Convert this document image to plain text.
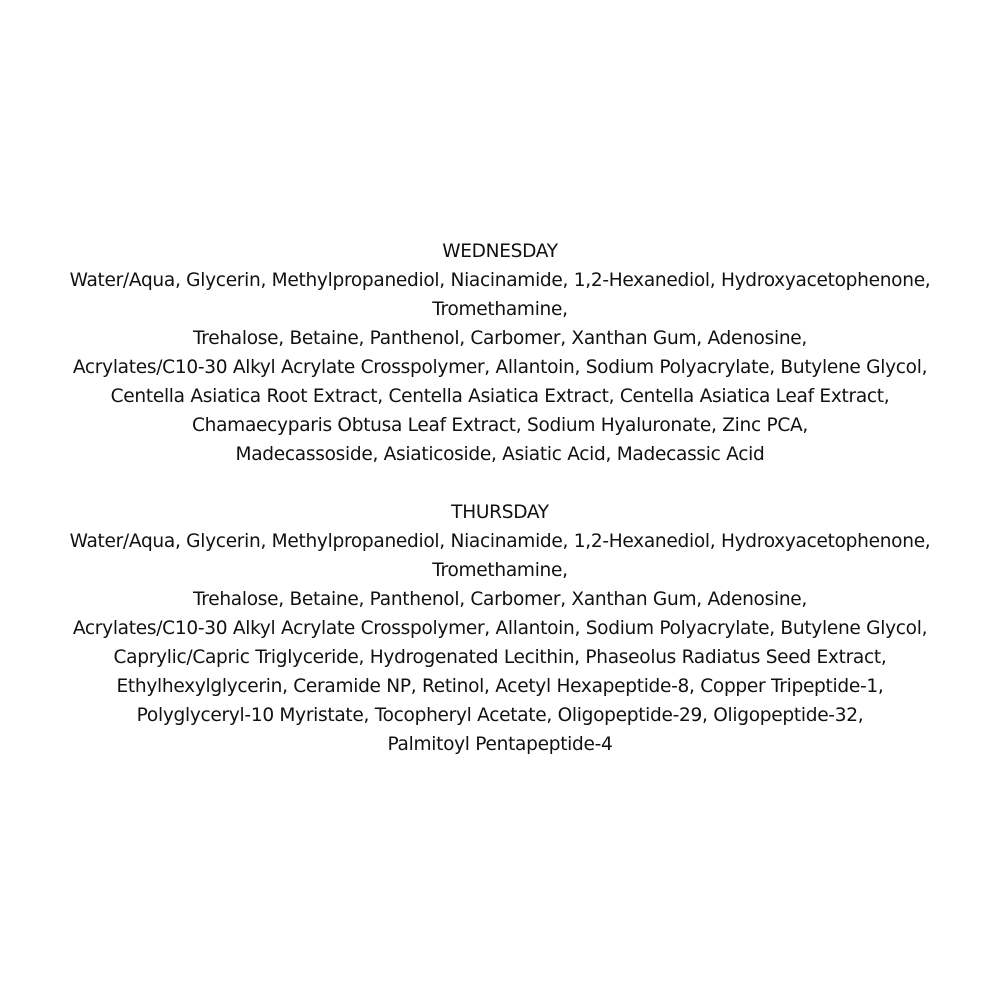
WEDNESDAY
Water/Aqua, Glycerin, Methylpropanediol, Niacinamide, 1,2-Hexanediol, Hydroxyacetophenone,
Tromethamine,
Trehalose, Betaine, Panthenol, Carbomer, Xanthan Gum, Adenosine,
Acrylates/C10-30 Alkyl Acrylate Crosspolymer, Allantoin, Sodium Polyacrylate, Butylene Glycol,
Centella Asiatica Root Extract, Centella Asiatica Extract, Centella Asiatica Leaf Extract,
Chamaecyparis Obtusa Leaf Extract, Sodium Hyaluronate, Zinc PCA,
Madecassoside, Asiaticoside, Asiatic Acid, Madecassic Acid
THURSDAY
Water/Aqua, Glycerin, Methylpropanediol, Niacinamide, 1,2-Hexanediol, Hydroxyacetophenone,
Tromethamine,
Trehalose, Betaine, Panthenol, Carbomer, Xanthan Gum, Adenosine,
Acrylates/C10-30 Alkyl Acrylate Crosspolymer, Allantoin, Sodium Polyacrylate, Butylene Glycol,
Caprylic/Capric Triglyceride, Hydrogenated Lecithin, Phaseolus Radiatus Seed Extract,
Ethylhexylglycerin, Ceramide NP, Retinol, Acetyl Hexapeptide-8, Copper Tripeptide-1,
Polyglyceryl-10 Myristate, Tocopheryl Acetate, Oligopeptide-29, Oligopeptide-32,
Palmitoyl Pentapeptide-4
